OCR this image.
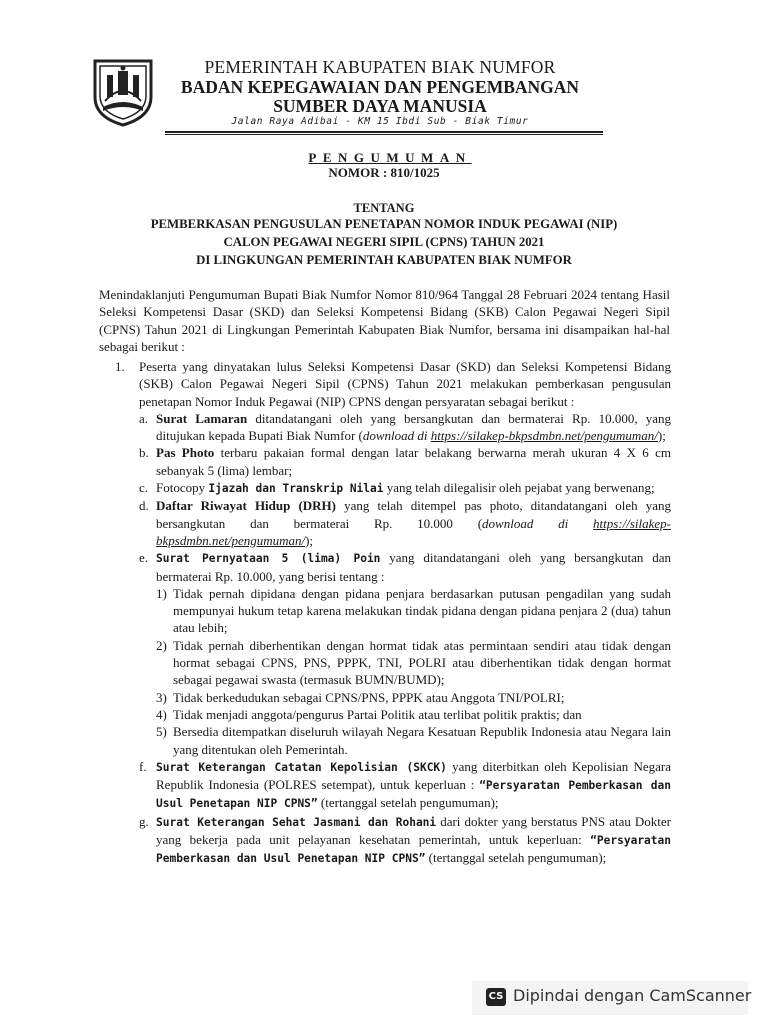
PEMERINTAH KABUPATEN BIAK NUMFOR
BADAN KEPEGAWAIAN DAN PENGEMBANGAN
SUMBER DAYA MANUSIA
Jalan Raya Adibai - KM 15 Ibdi Sub - Biak Timur
PENGUMUMAN
NOMOR : 810/1025
TENTANG
PEMBERKASAN PENGUSULAN PENETAPAN NOMOR INDUK PEGAWAI (NIP)
CALON PEGAWAI NEGERI SIPIL (CPNS) TAHUN 2021
DI LINGKUNGAN PEMERINTAH KABUPATEN BIAK NUMFOR

Menindaklanjuti Pengumuman Bupati Biak Numfor Nomor 810/964 Tanggal 28 Februari 2024 tentang Hasil Seleksi Kompetensi Dasar (SKD) dan Seleksi Kompetensi Bidang (SKB) Calon Pegawai Negeri Sipil (CPNS) Tahun 2021 di Lingkungan Pemerintah Kabupaten Biak Numfor, bersama ini disampaikan hal-hal sebagai berikut :

1. Peserta yang dinyatakan lulus Seleksi Kompetensi Dasar (SKD) dan Seleksi Kompetensi Bidang (SKB) Calon Pegawai Negeri Sipil (CPNS) Tahun 2021 melakukan pemberkasan pengusulan penetapan Nomor Induk Pegawai (NIP) CPNS dengan persyaratan sebagai berikut :
a. Surat Lamaran ditandatangani oleh yang bersangkutan dan bermaterai Rp. 10.000, yang ditujukan kepada Bupati Biak Numfor (download di https://silakep-bkpsdmbn.net/pengumuman/);
b. Pas Photo terbaru pakaian formal dengan latar belakang berwarna merah ukuran 4 X 6 cm sebanyak 5 (lima) lembar;
c. Fotocopy Ijazah dan Transkrip Nilai yang telah dilegalisir oleh pejabat yang berwenang;
d. Daftar Riwayat Hidup (DRH) yang telah ditempel pas photo, ditandatangani oleh yang bersangkutan dan bermaterai Rp. 10.000 (download di https://silakep-bkpsdmbn.net/pengumuman/);
e. Surat Pernyataan 5 (lima) Poin yang ditandatangani oleh yang bersangkutan dan bermaterai Rp. 10.000, yang berisi tentang :
1) Tidak pernah dipidana dengan pidana penjara berdasarkan putusan pengadilan yang sudah mempunyai hukum tetap karena melakukan tindak pidana dengan pidana penjara 2 (dua) tahun atau lebih;
2) Tidak pernah diberhentikan dengan hormat tidak atas permintaan sendiri atau tidak dengan hormat sebagai CPNS, PNS, PPPK, TNI, POLRI atau diberhentikan tidak dengan hormat sebagai pegawai swasta (termasuk BUMN/BUMD);
3) Tidak berkedudukan sebagai CPNS/PNS, PPPK atau Anggota TNI/POLRI;
4) Tidak menjadi anggota/pengurus Partai Politik atau terlibat politik praktis; dan
5) Bersedia ditempatkan diseluruh wilayah Negara Kesatuan Republik Indonesia atau Negara lain yang ditentukan oleh Pemerintah.
f. Surat Keterangan Catatan Kepolisian (SKCK) yang diterbitkan oleh Kepolisian Negara Republik Indonesia (POLRES setempat), untuk keperluan : “Persyaratan Pemberkasan dan Usul Penetapan NIP CPNS” (tertanggal setelah pengumuman);
g. Surat Keterangan Sehat Jasmani dan Rohani dari dokter yang berstatus PNS atau Dokter yang bekerja pada unit pelayanan kesehatan pemerintah, untuk keperluan: “Persyaratan Pemberkasan dan Usul Penetapan NIP CPNS” (tertanggal setelah pengumuman);
CS Dipindai dengan CamScanner
